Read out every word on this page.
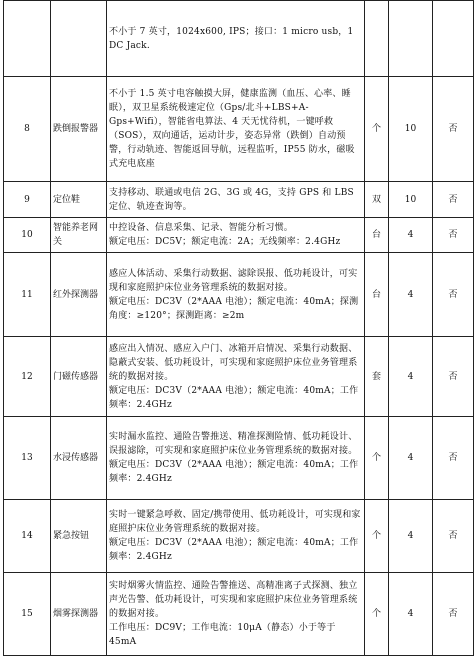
		不小于 7 英寸，1024x600, IPS；接口：1 micro usb，1 DC Jack.			

8	跌倒报警器	不小于 1.5 英寸电容触摸大屏，健康监测（血压、心率、睡眠），双卫星系统极速定位（Gps/北斗+LBS+A-Gps+Wifi），智能省电算法、4 天无忧待机，一键呼救（SOS），双向通话，运动计步，姿态异常（跌倒）自动预警，行动轨迹、智能返回导航，远程监听，IP55 防水，磁吸式充电底座	个	10	否
9	定位鞋	支持移动、联通或电信 2G、3G 或 4G，支持 GPS 和 LBS 定位、轨迹查询等。	双	10	否
10	智能养老网关	中控设备、信息采集、记录、智能分析习惯。
额定电压：DC5V；额定电流：2A；无线频率：2.4GHz	台	4	否
11	红外探测器	感应人体活动、采集行动数据、滤除误报、低功耗设计，可实现和家庭照护床位业务管理系统的数据对接。
额定电压：DC3V（2*AAA 电池）；额定电流：40mA；探测角度：≥120°；探测距离：≥2m	台	4	否
12	门磁传感器	感应出入情况、感应入户门、冰箱开启情况、采集行动数据、隐蔽式安装、低功耗设计，可实现和家庭照护床位业务管理系统的数据对接。
额定电压：DC3V（2*AAA 电池）；额定电流：40mA；工作频率：2.4GHz	套	4	否
13	水浸传感器	实时漏水监控、通险告警推送、精准探测险情、低功耗设计、误报滤除，可实现和家庭照护床位业务管理系统的数据对接。
额定电压：DC3V（2*AAA 电池）；额定电流：40mA；工作频率：2.4GHz	个	4	否
14	紧急按钮	实时一键紧急呼救、固定/携带使用、低功耗设计，可实现和家庭照护床位业务管理系统的数据对接。
额定电压：DC3V（2*AAA 电池）；额定电流：40mA；工作频率：2.4GHz	个	4	否
15	烟雾探测器	实时烟雾火情监控、通险告警推送、高精准离子式探测、独立声光告警、低功耗设计，可实现和家庭照护床位业务管理系统的数据对接。
工作电压：DC9V；工作电流：10μA（静态）小于等于 45mA	个	4	否
